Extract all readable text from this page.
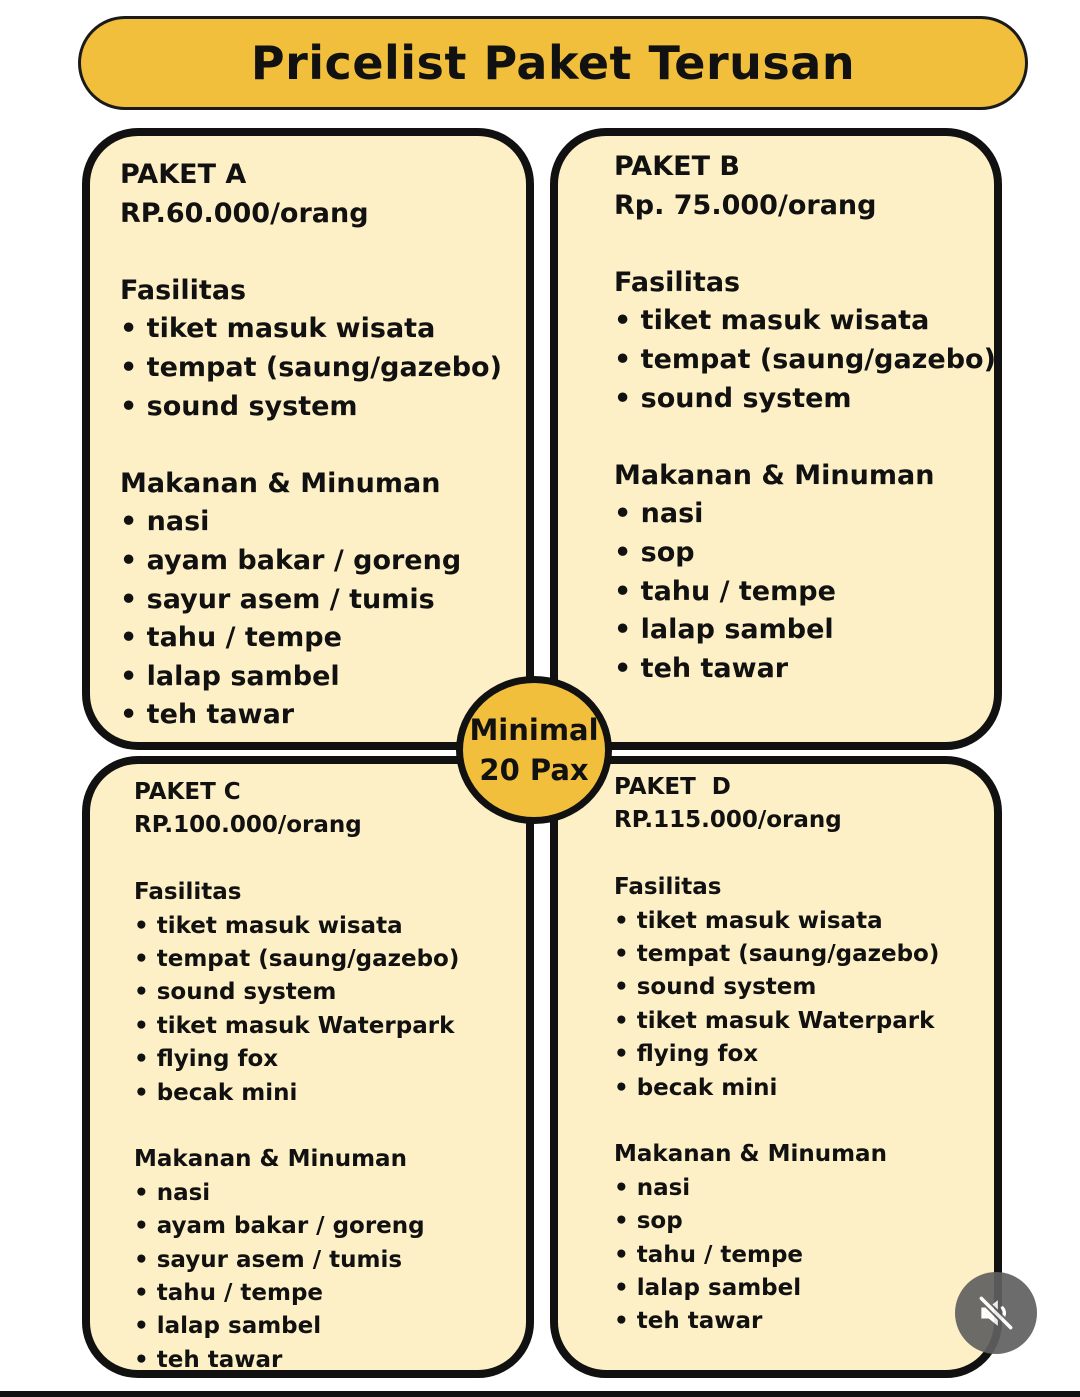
Pricelist Paket Terusan

PAKET A

RP.60.000/orang

Fasilitas

• tiket masuk wisata

• tempat (saung/gazebo)

• sound system

Makanan & Minuman

• nasi

• ayam bakar / goreng

• sayur asem / tumis

• tahu / tempe

• lalap sambel

• teh tawar

PAKET B

Rp. 75.000/orang

Fasilitas

• tiket masuk wisata

• tempat (saung/gazebo)

• sound system

Makanan & Minuman

• nasi

• sop

• tahu / tempe

• lalap sambel

• teh tawar

PAKET C

RP.100.000/orang

Fasilitas

• tiket masuk wisata

• tempat (saung/gazebo)

• sound system

• tiket masuk Waterpark

• flying fox

• becak mini

Makanan & Minuman

• nasi

• ayam bakar / goreng

• sayur asem / tumis

• tahu / tempe

• lalap sambel

• teh tawar

PAKET  D

RP.115.000/orang

Fasilitas

• tiket masuk wisata

• tempat (saung/gazebo)

• sound system

• tiket masuk Waterpark

• flying fox

• becak mini

Makanan & Minuman

• nasi

• sop

• tahu / tempe

• lalap sambel

• teh tawar

Minimal
20 Pax
